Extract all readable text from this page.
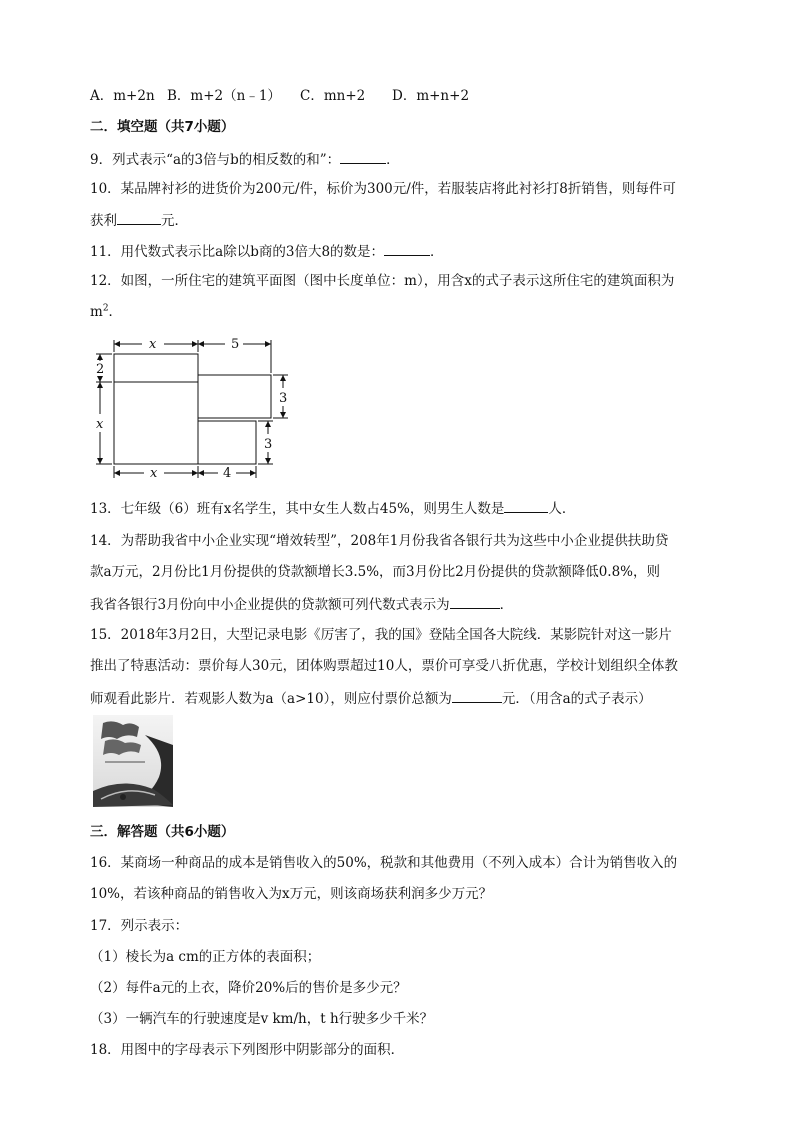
A．m+2n B．m+2（n﹣1） C．mn+2 D．m+n+2
二．填空题（共7小题）
9．列式表示“a的3倍与b的相反数的和”：	．
10．某品牌衬衫的进货价为200元/件，标价为300元/件，若服装店将此衬衫打8折销售，则每件可
获利	元．
11．用代数式表示比a除以b商的3倍大8的数是：	．
12．如图，一所住宅的建筑平面图（图中长度单位：m），用含x的式子表示这所住宅的建筑面积为
$m^2$．
x	5
2
x
3
3
x	4
13．七年级（6）班有x名学生，其中女生人数占45%，则男生人数是	人．
14．为帮助我省中小企业实现“增效转型”，208年1月份我省各银行共为这些中小企业提供扶助贷
款a万元，2月份比1月份提供的贷款额增长3.5%，而3月份比2月份提供的贷款额降低0.8%，则
我省各银行3月份向中小企业提供的贷款额可列代数式表示为	．
15．2018年3月2日，大型记录电影《厉害了，我的国》登陆全国各大院线．某影院针对这一影片
推出了特惠活动：票价每人30元，团体购票超过10人，票价可享受八折优惠，学校计划组织全体教
师观看此影片．若观影人数为a（a>10），则应付票价总额为	元．（用含a的式子表示）
三．解答题（共6小题）
16．某商场一种商品的成本是销售收入的50%，税款和其他费用（不列入成本）合计为销售收入的
10%，若该种商品的销售收入为x万元，则该商场获利润多少万元？
17．列示表示：
（1）棱长为a cm的正方体的表面积；
（2）每件a元的上衣，降价20%后的售价是多少元？
（3）一辆汽车的行驶速度是v km/h，t h行驶多少千米？
18．用图中的字母表示下列图形中阴影部分的面积．
